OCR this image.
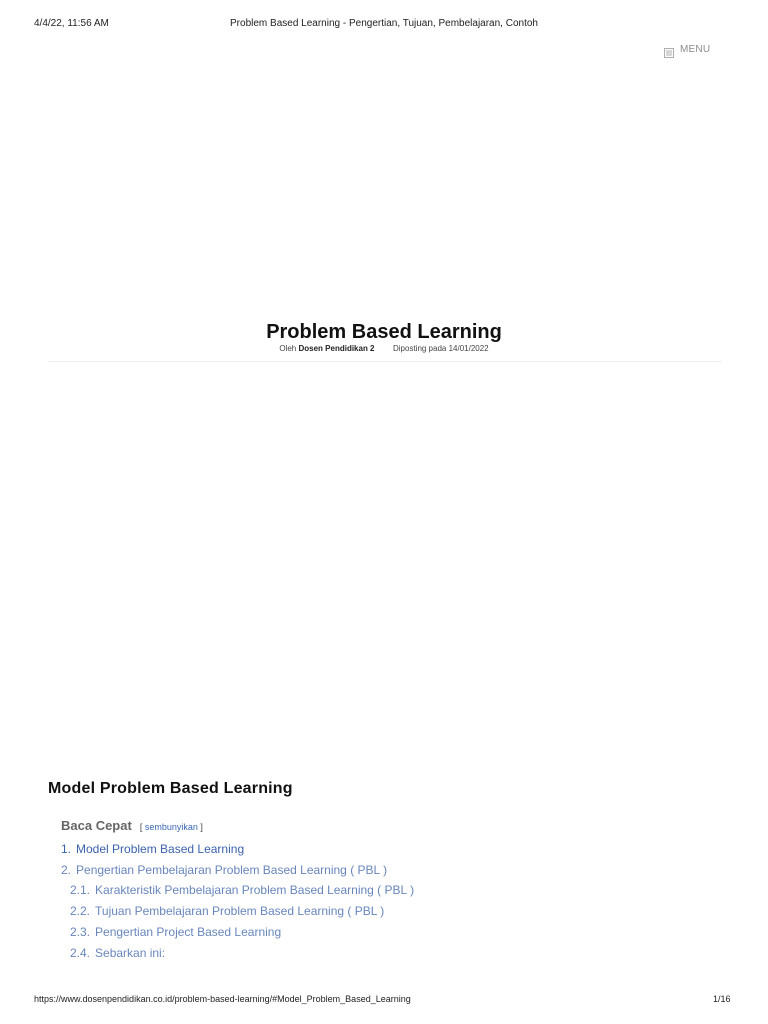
4/4/22, 11:56 AM	Problem Based Learning - Pengertian, Tujuan, Pembelajaran, Contoh
MENU
Problem Based Learning
Oleh Dosen Pendidikan 2 Diposting pada 14/01/2022
Model Problem Based Learning
Baca Cepat [ sembunyikan ]
1. Model Problem Based Learning
2. Pengertian Pembelajaran Problem Based Learning ( PBL )
2.1. Karakteristik Pembelajaran Problem Based Learning ( PBL )
2.2. Tujuan Pembelajaran Problem Based Learning ( PBL )
2.3. Pengertian Project Based Learning
2.4. Sebarkan ini:
https://www.dosenpendidikan.co.id/problem-based-learning/#Model_Problem_Based_Learning	1/16
